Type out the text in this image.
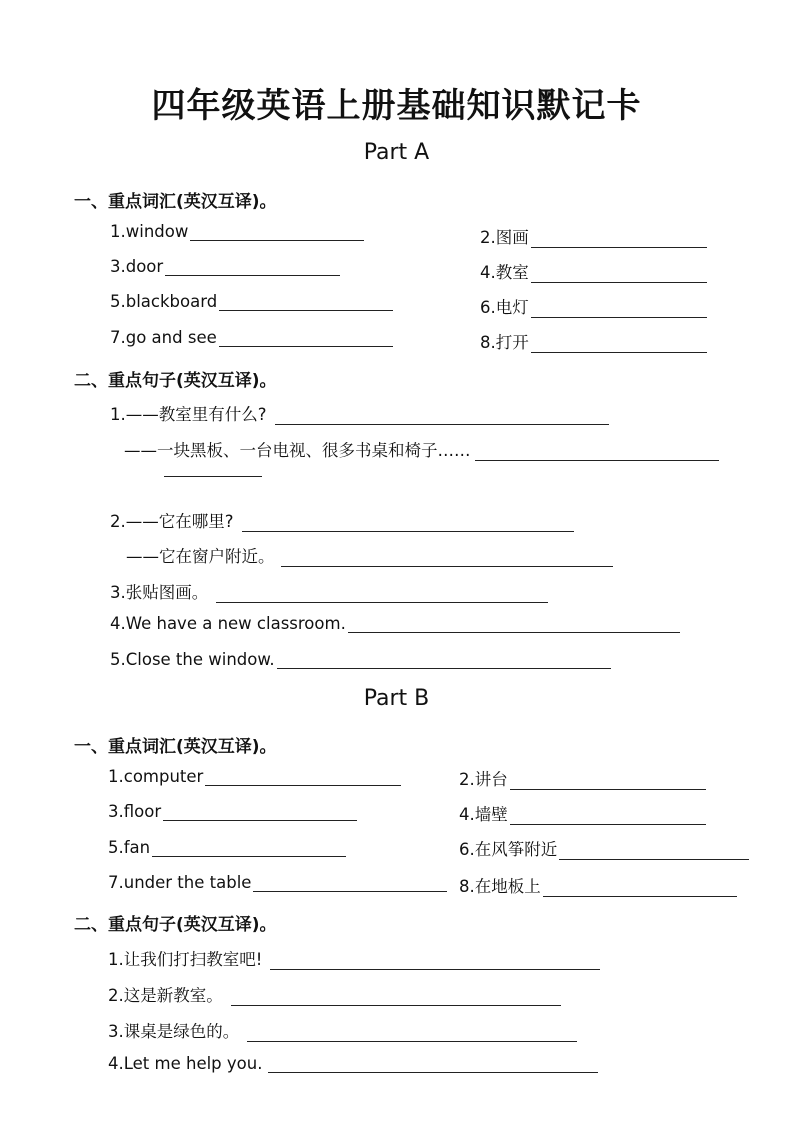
四年级英语上册基础知识默记卡
Part A
一、重点词汇(英汉互译)。
1.window	2.图画
3.door	4.教室
5.blackboard	6.电灯
7.go and see	8.打开
二、重点句子(英汉互译)。
1.——教室里有什么?
——一块黑板、一台电视、很多书桌和椅子……
2.——它在哪里?
——它在窗户附近。
3.张贴图画。
4.We have a new classroom.
5.Close the window.
Part B
一、重点词汇(英汉互译)。
1.computer	2.讲台
3.floor	4.墙壁
5.fan	6.在风筝附近
7.under the table	8.在地板上
二、重点句子(英汉互译)。
1.让我们打扫教室吧!
2.这是新教室。
3.课桌是绿色的。
4.Let me help you.
